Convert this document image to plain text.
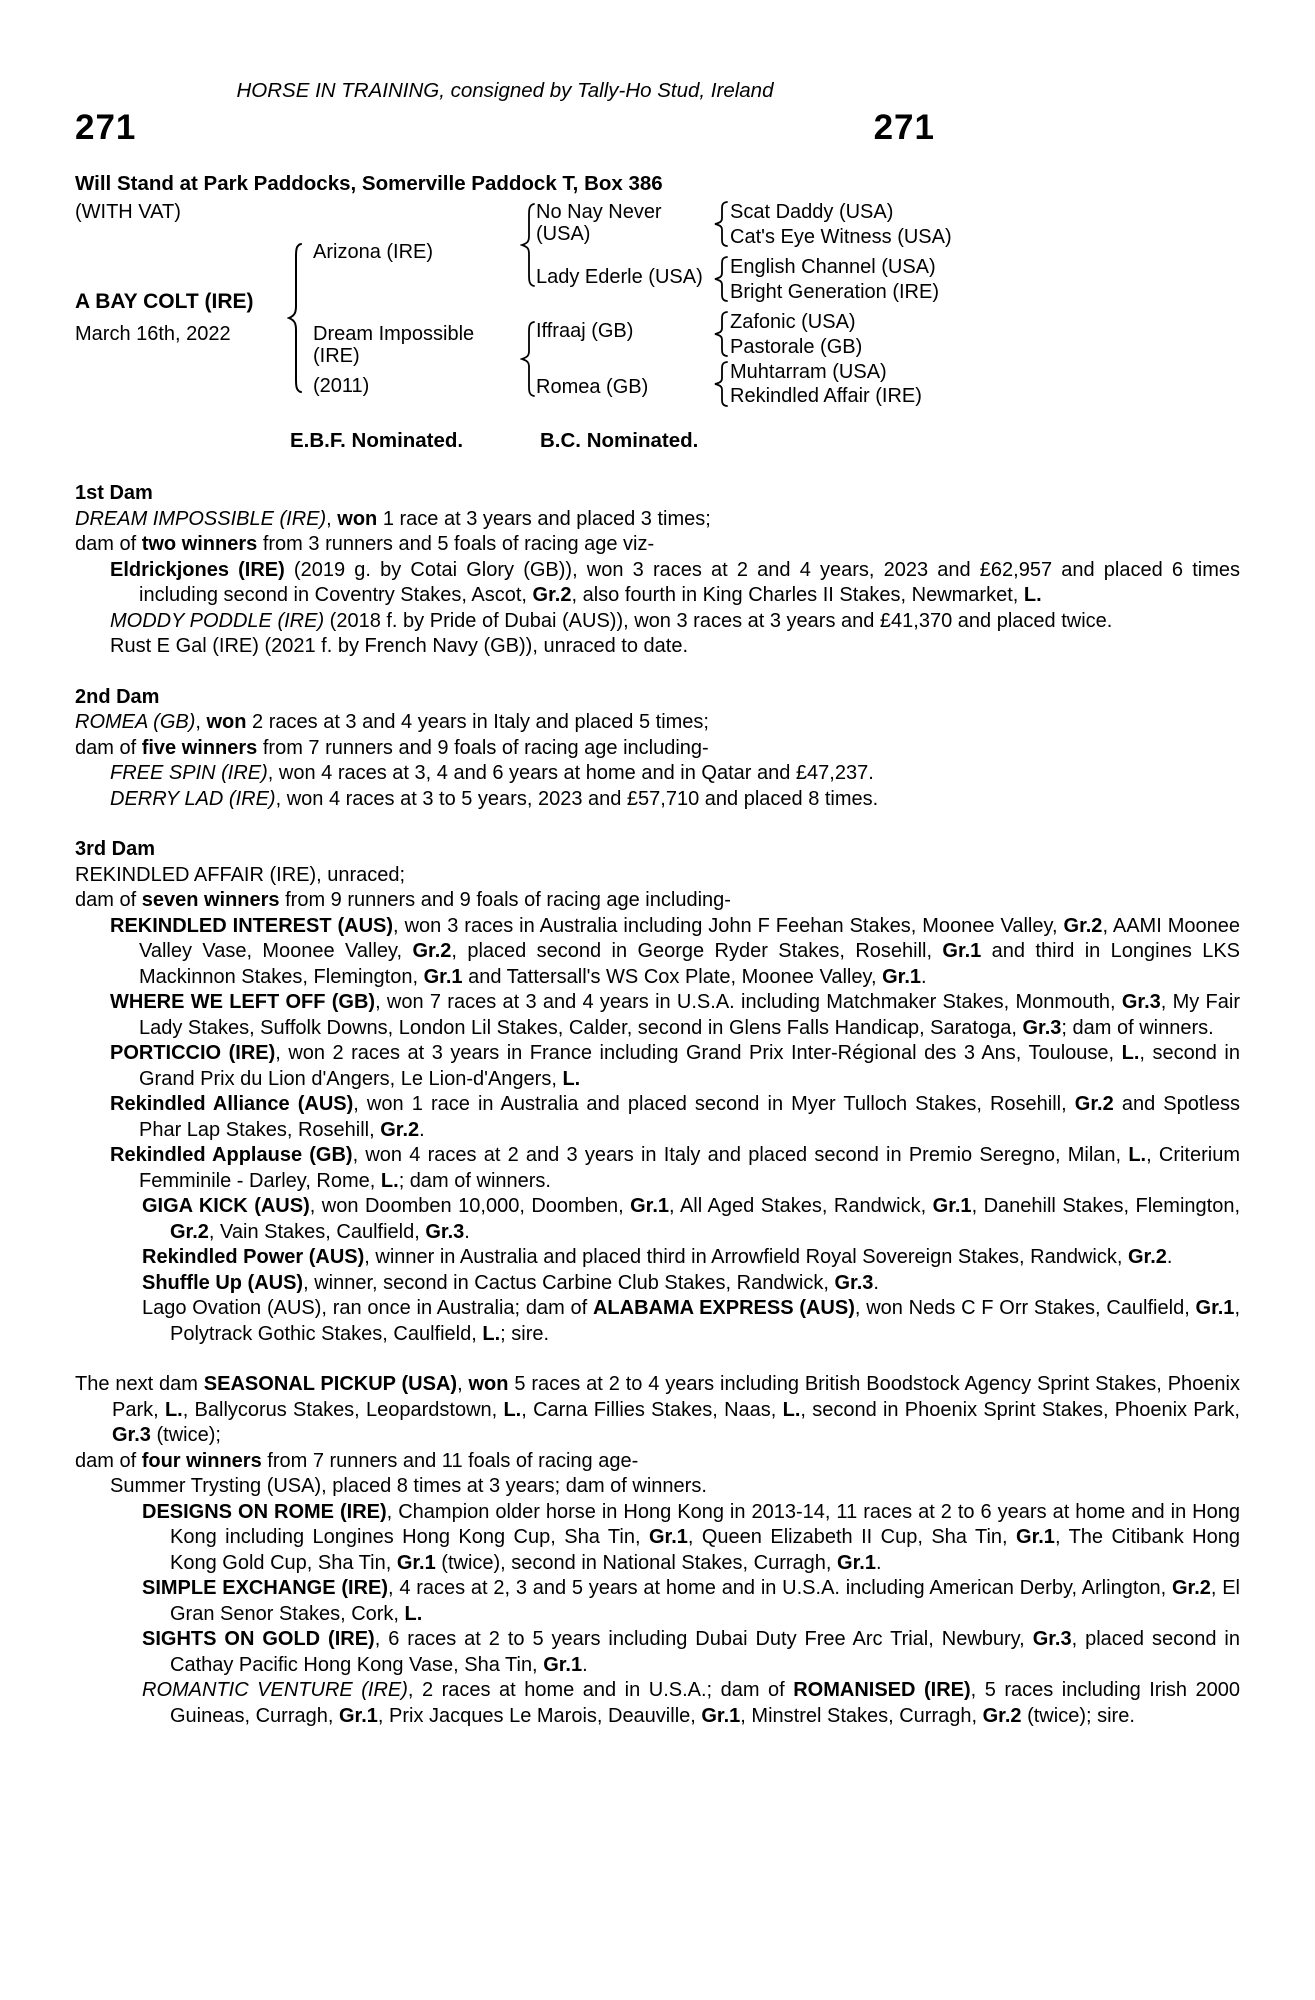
HORSE IN TRAINING, consigned by Tally-Ho Stud, Ireland
271	271
Will Stand at Park Paddocks, Somerville Paddock T, Box 386
(WITH VAT)
A BAY COLT (IRE)
March 16th, 2022
Arizona (IRE)
Dream Impossible
(IRE)
(2011)
No Nay Never
(USA)
Lady Ederle (USA)
Iffraaj (GB)
Romea (GB)
Scat Daddy (USA)
Cat's Eye Witness (USA)
English Channel (USA)
Bright Generation (IRE)
Zafonic (USA)
Pastorale (GB)
Muhtarram (USA)
Rekindled Affair (IRE)
E.B.F. Nominated.	B.C. Nominated.
1st Dam

DREAM IMPOSSIBLE (IRE), won 1 race at 3 years and placed 3 times;

dam of two winners from 3 runners and 5 foals of racing age viz-

Eldrickjones (IRE) (2019 g. by Cotai Glory (GB)), won 3 races at 2 and 4 years, 2023 and £62,957 and placed 6 times including second in Coventry Stakes, Ascot, Gr.2, also fourth in King Charles II Stakes, Newmarket, L.

MODDY PODDLE (IRE) (2018 f. by Pride of Dubai (AUS)), won 3 races at 3 years and £41,370 and placed twice.

Rust E Gal (IRE) (2021 f. by French Navy (GB)), unraced to date.

2nd Dam

ROMEA (GB), won 2 races at 3 and 4 years in Italy and placed 5 times;

dam of five winners from 7 runners and 9 foals of racing age including-

FREE SPIN (IRE), won 4 races at 3, 4 and 6 years at home and in Qatar and £47,237.

DERRY LAD (IRE), won 4 races at 3 to 5 years, 2023 and £57,710 and placed 8 times.

3rd Dam

REKINDLED AFFAIR (IRE), unraced;

dam of seven winners from 9 runners and 9 foals of racing age including-

REKINDLED INTEREST (AUS), won 3 races in Australia including John F Feehan Stakes, Moonee Valley, Gr.2, AAMI Moonee Valley Vase, Moonee Valley, Gr.2, placed second in George Ryder Stakes, Rosehill, Gr.1 and third in Longines LKS Mackinnon Stakes, Flemington, Gr.1 and Tattersall's WS Cox Plate, Moonee Valley, Gr.1.

WHERE WE LEFT OFF (GB), won 7 races at 3 and 4 years in U.S.A. including Matchmaker Stakes, Monmouth, Gr.3, My Fair Lady Stakes, Suffolk Downs, London Lil Stakes, Calder, second in Glens Falls Handicap, Saratoga, Gr.3; dam of winners.

PORTICCIO (IRE), won 2 races at 3 years in France including Grand Prix Inter-Régional des 3 Ans, Toulouse, L., second in Grand Prix du Lion d'Angers, Le Lion-d'Angers, L.

Rekindled Alliance (AUS), won 1 race in Australia and placed second in Myer Tulloch Stakes, Rosehill, Gr.2 and Spotless Phar Lap Stakes, Rosehill, Gr.2.

Rekindled Applause (GB), won 4 races at 2 and 3 years in Italy and placed second in Premio Seregno, Milan, L., Criterium Femminile - Darley, Rome, L.; dam of winners.

GIGA KICK (AUS), won Doomben 10,000, Doomben, Gr.1, All Aged Stakes, Randwick, Gr.1, Danehill Stakes, Flemington, Gr.2, Vain Stakes, Caulfield, Gr.3.

Rekindled Power (AUS), winner in Australia and placed third in Arrowfield Royal Sovereign Stakes, Randwick, Gr.2.

Shuffle Up (AUS), winner, second in Cactus Carbine Club Stakes, Randwick, Gr.3.

Lago Ovation (AUS), ran once in Australia; dam of ALABAMA EXPRESS (AUS), won Neds C F Orr Stakes, Caulfield, Gr.1, Polytrack Gothic Stakes, Caulfield, L.; sire.

The next dam SEASONAL PICKUP (USA), won 5 races at 2 to 4 years including British Boodstock Agency Sprint Stakes, Phoenix Park, L., Ballycorus Stakes, Leopardstown, L., Carna Fillies Stakes, Naas, L., second in Phoenix Sprint Stakes, Phoenix Park, Gr.3 (twice);

dam of four winners from 7 runners and 11 foals of racing age-

Summer Trysting (USA), placed 8 times at 3 years; dam of winners.

DESIGNS ON ROME (IRE), Champion older horse in Hong Kong in 2013-14, 11 races at 2 to 6 years at home and in Hong Kong including Longines Hong Kong Cup, Sha Tin, Gr.1, Queen Elizabeth II Cup, Sha Tin, Gr.1, The Citibank Hong Kong Gold Cup, Sha Tin, Gr.1 (twice), second in National Stakes, Curragh, Gr.1.

SIMPLE EXCHANGE (IRE), 4 races at 2, 3 and 5 years at home and in U.S.A. including American Derby, Arlington, Gr.2, El Gran Senor Stakes, Cork, L.

SIGHTS ON GOLD (IRE), 6 races at 2 to 5 years including Dubai Duty Free Arc Trial, Newbury, Gr.3, placed second in Cathay Pacific Hong Kong Vase, Sha Tin, Gr.1.

ROMANTIC VENTURE (IRE), 2 races at home and in U.S.A.; dam of ROMANISED (IRE), 5 races including Irish 2000 Guineas, Curragh, Gr.1, Prix Jacques Le Marois, Deauville, Gr.1, Minstrel Stakes, Curragh, Gr.2 (twice); sire.
